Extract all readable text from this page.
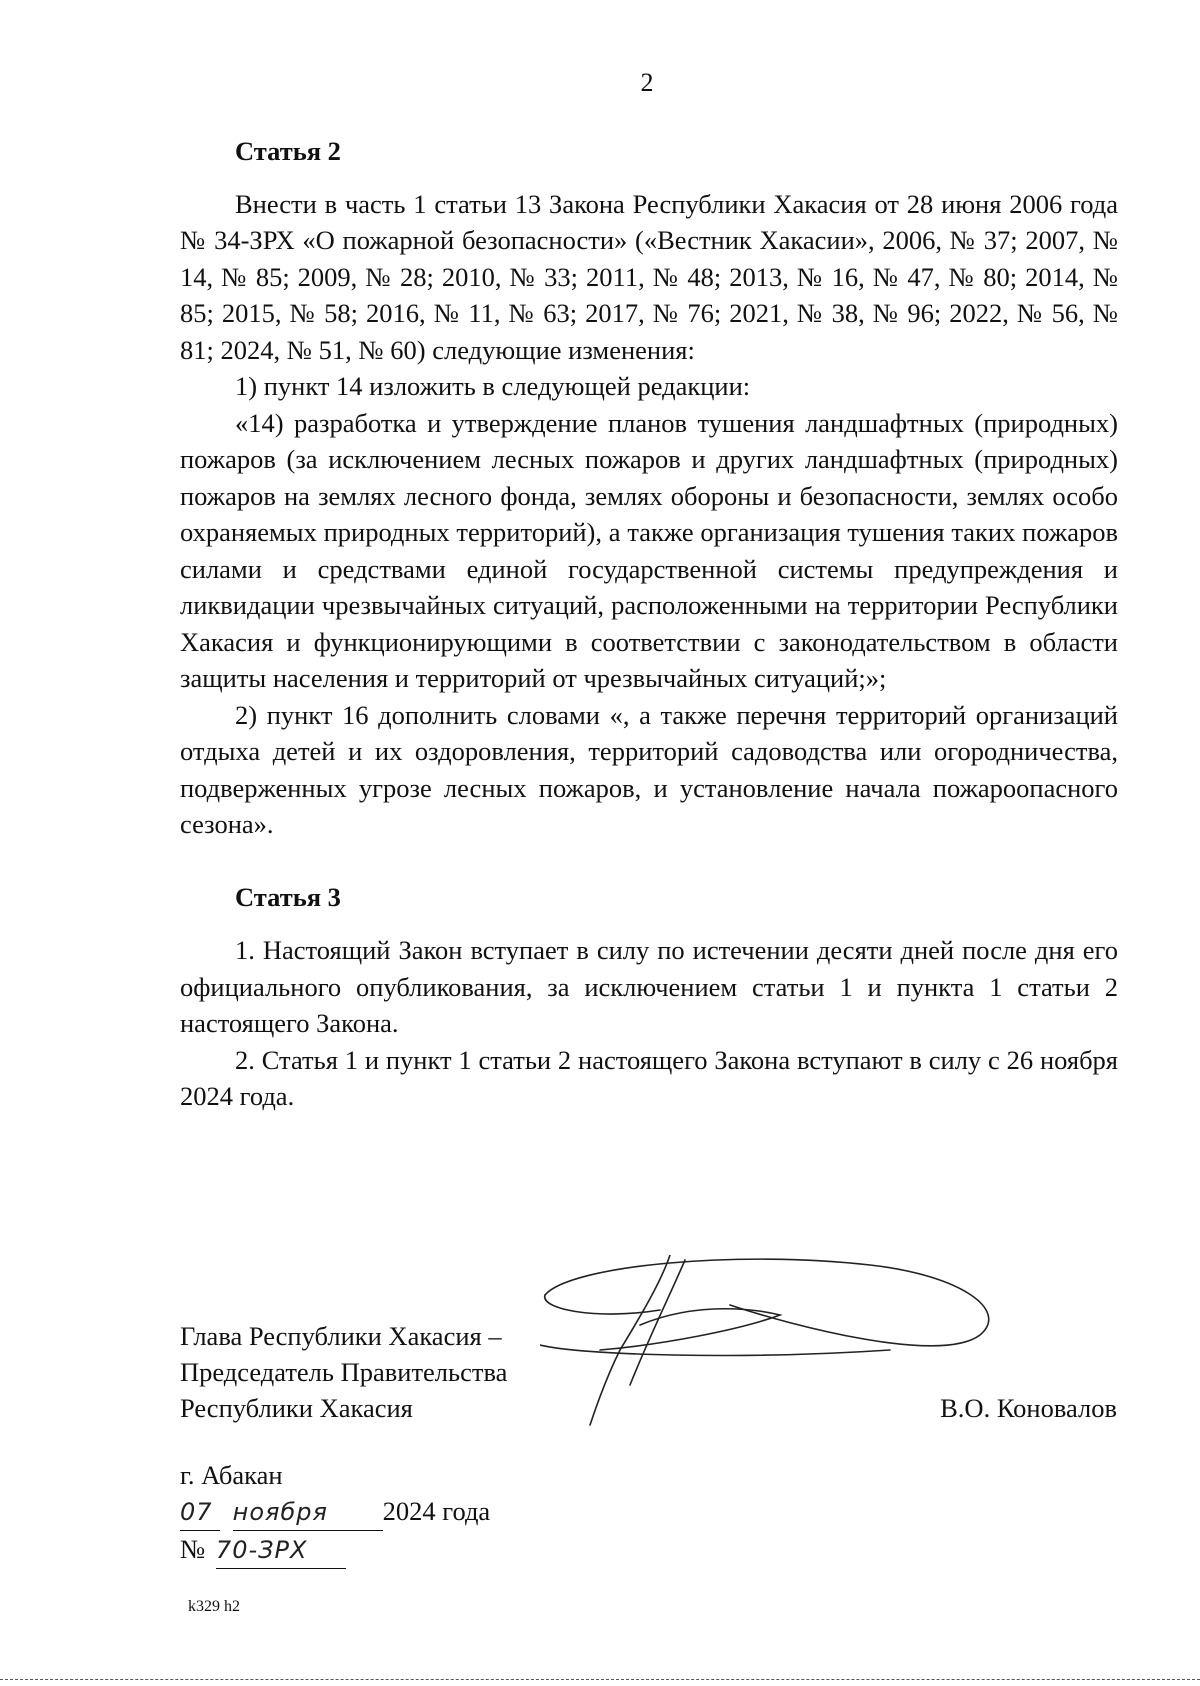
2
Статья 2

Внести в часть 1 статьи 13 Закона Республики Хакасия от 28 июня 2006 года № 34-ЗРХ «О пожарной безопасности» («Вестник Хакасии», 2006, № 37; 2007, № 14, № 85; 2009, № 28; 2010, № 33; 2011, № 48; 2013, № 16, № 47, № 80; 2014, № 85; 2015, № 58; 2016, № 11, № 63; 2017, № 76; 2021, № 38, № 96; 2022, № 56, № 81; 2024, № 51, № 60) следующие изменения:

1) пункт 14 изложить в следующей редакции:

«14) разработка и утверждение планов тушения ландшафтных (природных) пожаров (за исключением лесных пожаров и других ландшафтных (природных) пожаров на землях лесного фонда, землях обороны и безопасности, землях особо охраняемых природных территорий), а также организация тушения таких пожаров силами и средствами единой государственной системы предупреждения и ликвидации чрезвычайных ситуаций, расположенными на территории Республики Хакасия и функционирующими в соответствии с законодательством в области защиты населения и территорий от чрезвычайных ситуаций;»;

2) пункт 16 дополнить словами «, а также перечня территорий организаций отдыха детей и их оздоровления, территорий садоводства или огородничества, подверженных угрозе лесных пожаров, и установление начала пожароопасного сезона».

Статья 3

1. Настоящий Закон вступает в силу по истечении десяти дней после дня его официального опубликования, за исключением статьи 1 и пункта 1 статьи 2 настоящего Закона.

2. Статья 1 и пункт 1 статьи 2 настоящего Закона вступают в силу с 26 ноября 2024 года.

Глава Республики Хакасия –
Председатель Правительства
Республики Хакасия	В.О. Коновалов
г. Абакан
07 ноября 2024 года
№ 70-ЗРХ
k329 h2
